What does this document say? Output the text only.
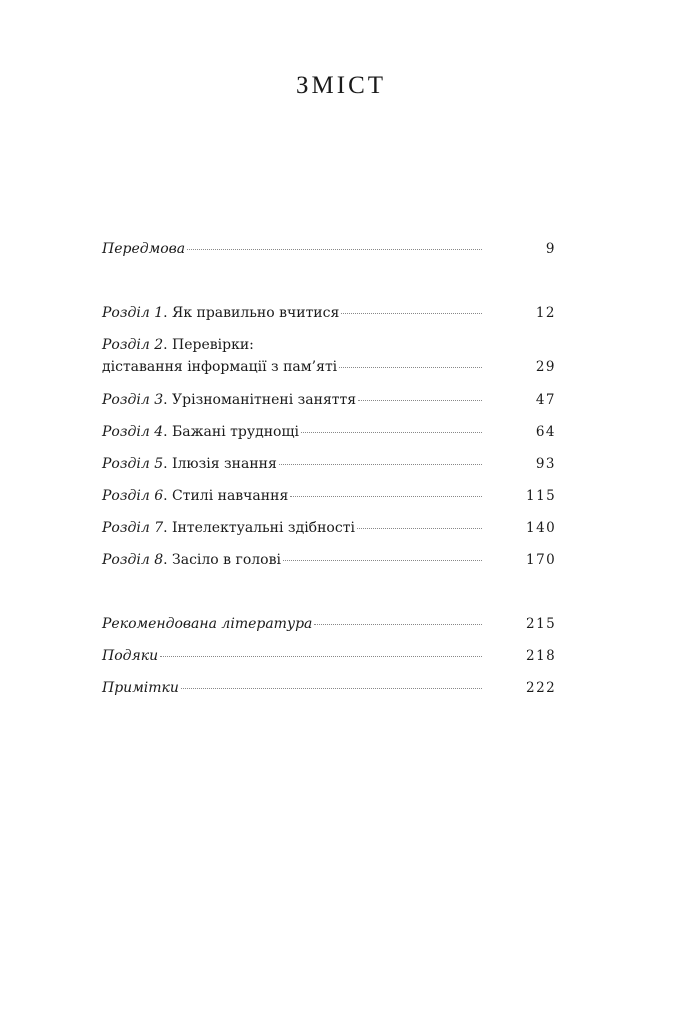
ЗМІСТ
Передмова	9
Розділ 1. Як правильно вчитися	12
Розділ 2. Перевірки:
діставання інформації з пам’яті	29
Розділ 3. Урізноманітнені заняття	47
Розділ 4. Бажані труднощі	64
Розділ 5. Ілюзія знання	93
Розділ 6. Стилі навчання	115
Розділ 7. Інтелектуальні здібності	140
Розділ 8. Засіло в голові	170
Рекомендована література	215
Подяки	218
Примітки	222
